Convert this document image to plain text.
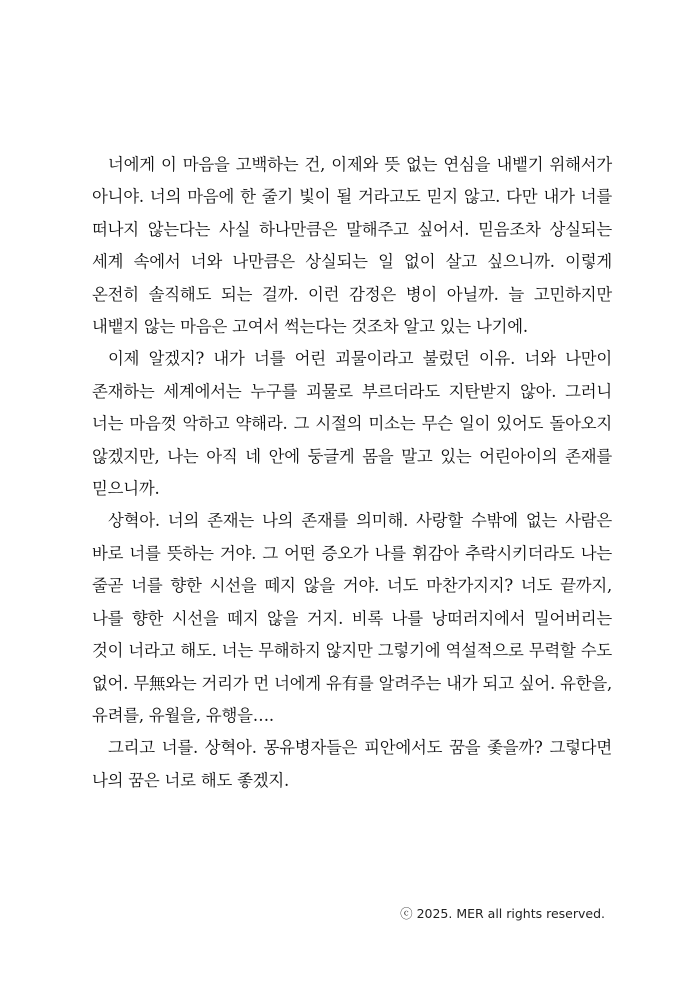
너에게 이 마음을 고백하는 건, 이제와 뜻 없는 연심을 내뱉기 위해서가 아니야. 너의 마음에 한 줄기 빛이 될 거라고도 믿지 않고. 다만 내가 너를 떠나지 않는다는 사실 하나만큼은 말해주고 싶어서. 믿음조차 상실되는 세계 속에서 너와 나만큼은 상실되는 일 없이 살고 싶으니까. 이렇게 온전히 솔직해도 되는 걸까. 이런 감정은 병이 아닐까. 늘 고민하지만 내뱉지 않는 마음은 고여서 썩는다는 것조차 알고 있는 나기에.

이제 알겠지? 내가 너를 어린 괴물이라고 불렀던 이유. 너와 나만이 존재하는 세계에서는 누구를 괴물로 부르더라도 지탄받지 않아. 그러니 너는 마음껏 악하고 약해라. 그 시절의 미소는 무슨 일이 있어도 돌아오지 않겠지만, 나는 아직 네 안에 둥글게 몸을 말고 있는 어린아이의 존재를 믿으니까.

상혁아. 너의 존재는 나의 존재를 의미해. 사랑할 수밖에 없는 사람은 바로 너를 뜻하는 거야. 그 어떤 증오가 나를 휘감아 추락시키더라도 나는 줄곧 너를 향한 시선을 떼지 않을 거야. 너도 마찬가지지? 너도 끝까지, 나를 향한 시선을 떼지 않을 거지. 비록 나를 낭떠러지에서 밀어버리는 것이 너라고 해도. 너는 무해하지 않지만 그렇기에 역설적으로 무력할 수도 없어. 무無와는 거리가 먼 너에게 유有를 알려주는 내가 되고 싶어. 유한을, 유려를, 유월을, 유행을….

그리고 너를. 상혁아. 몽유병자들은 피안에서도 꿈을 좇을까? 그렇다면 나의 꿈은 너로 해도 좋겠지.

ⓒ 2025. MER all rights reserved.
